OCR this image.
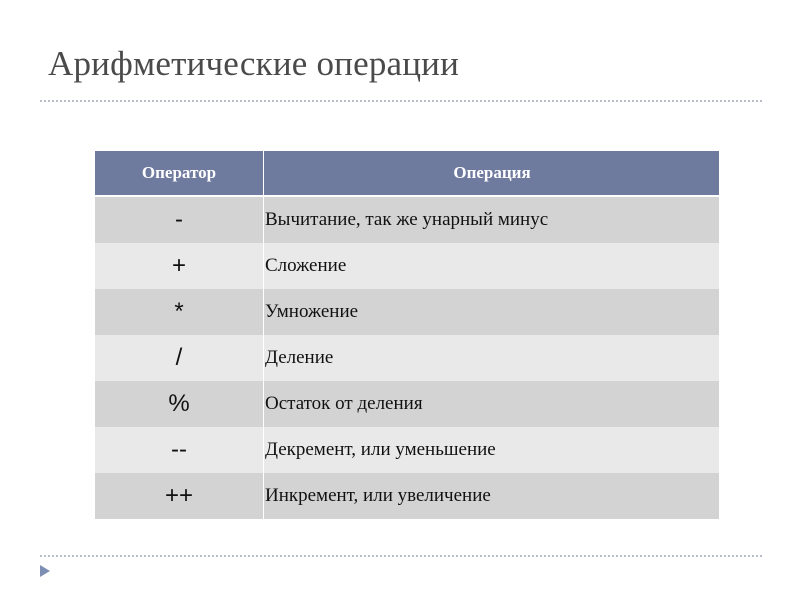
Арифметические операции
Оператор	Операция
-	Вычитание, так же унарный минус
+	Сложение
*	Умножение
/	Деление
%	Остаток от деления
--	Декремент, или уменьшение
++	Инкремент, или увеличение
